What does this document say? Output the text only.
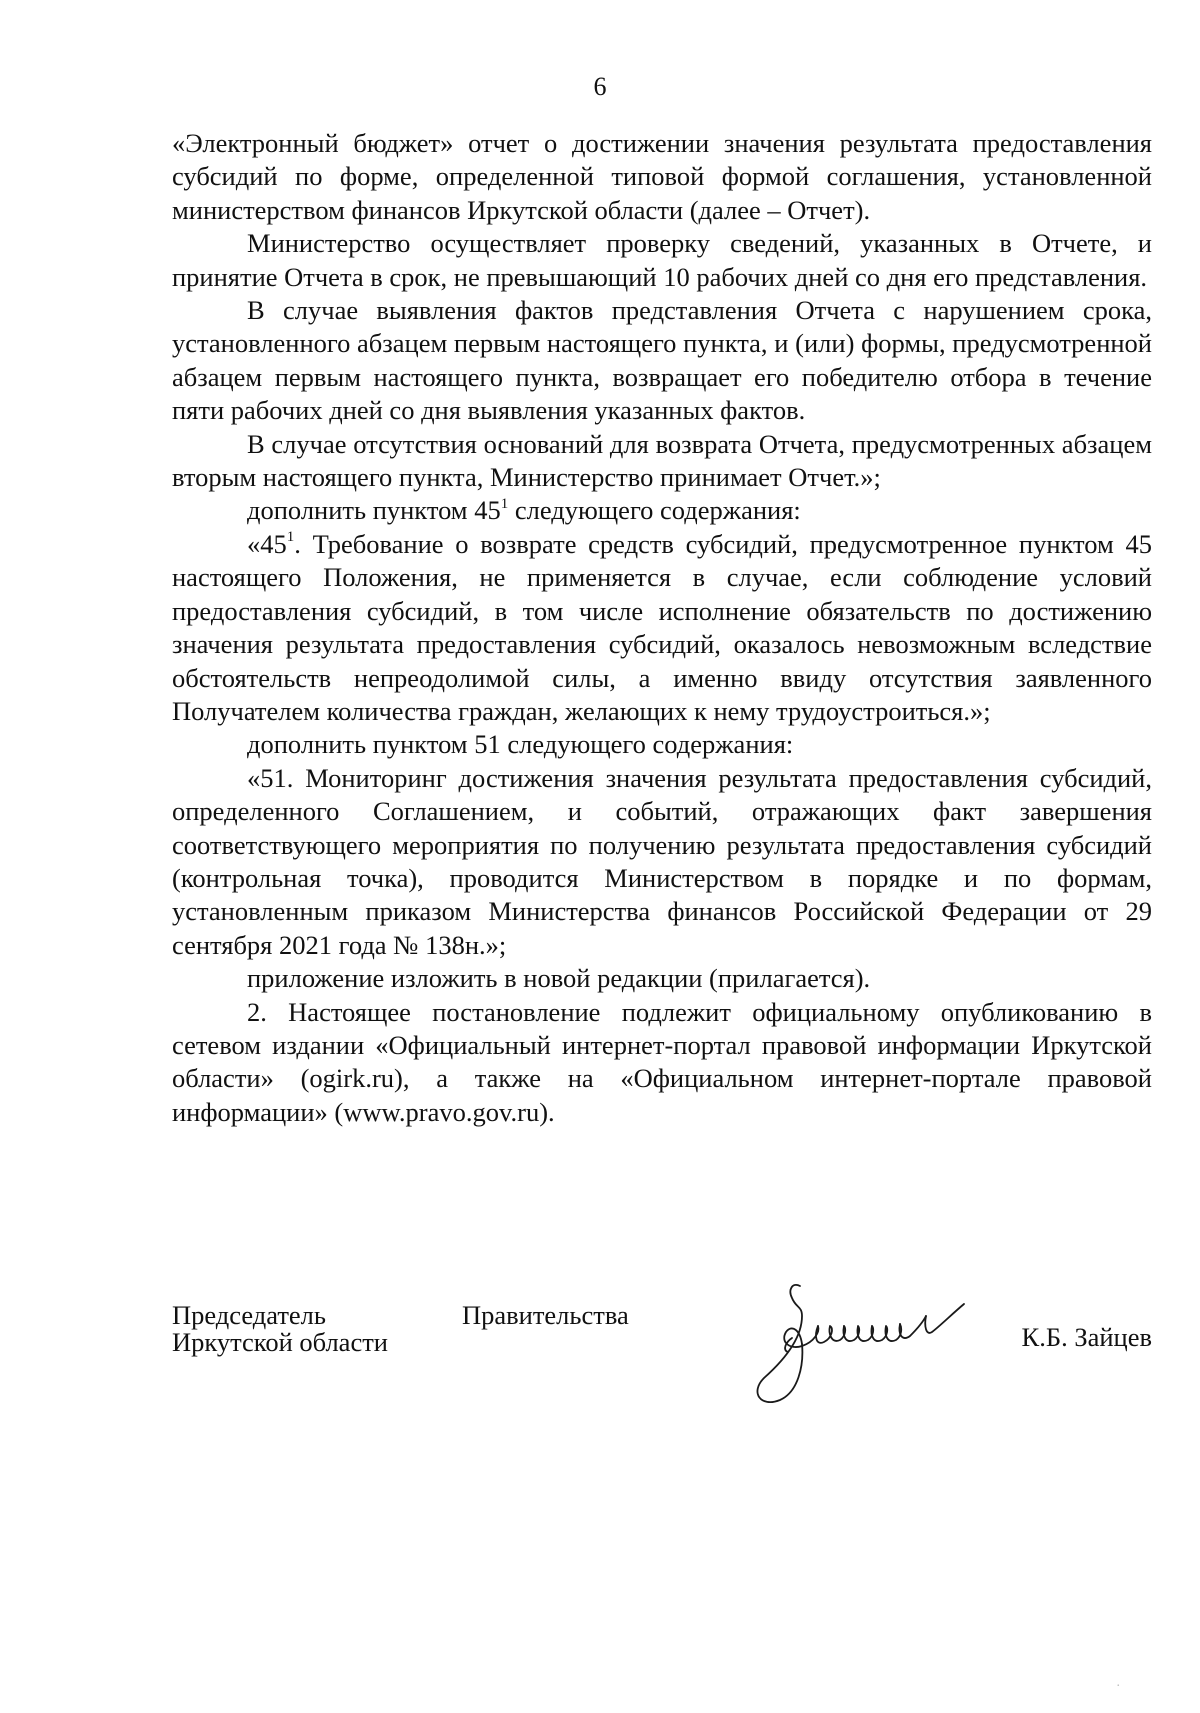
6

«Электронный бюджет» отчет о достижении значения результата предоставления субсидий по форме, определенной типовой формой соглашения, установленной министерством финансов Иркутской области (далее – Отчет).

Министерство осуществляет проверку сведений, указанных в Отчете, и принятие Отчета в срок, не превышающий 10 рабочих дней со дня его представления.

В случае выявления фактов представления Отчета с нарушением срока, установленного абзацем первым настоящего пункта, и (или) формы, предусмотренной абзацем первым настоящего пункта, возвращает его победителю отбора в течение пяти рабочих дней со дня выявления указанных фактов.

В случае отсутствия оснований для возврата Отчета, предусмотренных абзацем вторым настоящего пункта, Министерство принимает Отчет.»;

дополнить пунктом $45^1$ следующего содержания:

«$45^1$. Требование о возврате средств субсидий, предусмотренное пунктом 45 настоящего Положения, не применяется в случае, если соблюдение условий предоставления субсидий, в том числе исполнение обязательств по достижению значения результата предоставления субсидий, оказалось невозможным вследствие обстоятельств непреодолимой силы, а именно ввиду отсутствия заявленного Получателем количества граждан, желающих к нему трудоустроиться.»;

дополнить пунктом 51 следующего содержания:

«51. Мониторинг достижения значения результата предоставления субсидий, определенного Соглашением, и событий, отражающих факт завершения соответствующего мероприятия по получению результата предоставления субсидий (контрольная точка), проводится Министерством в порядке и по формам, установленным приказом Министерства финансов Российской Федерации от 29 сентября 2021 года № 138н.»;

приложение изложить в новой редакции (прилагается).

2. Настоящее постановление подлежит официальному опубликованию в сетевом издании «Официальный интернет-портал правовой информации Иркутской области» (ogirk.ru), а также на «Официальном интернет-портале правовой информации» (www.pravo.gov.ru).

Председатель
Иркутской области
Правительства
К.Б. Зайцев
.
